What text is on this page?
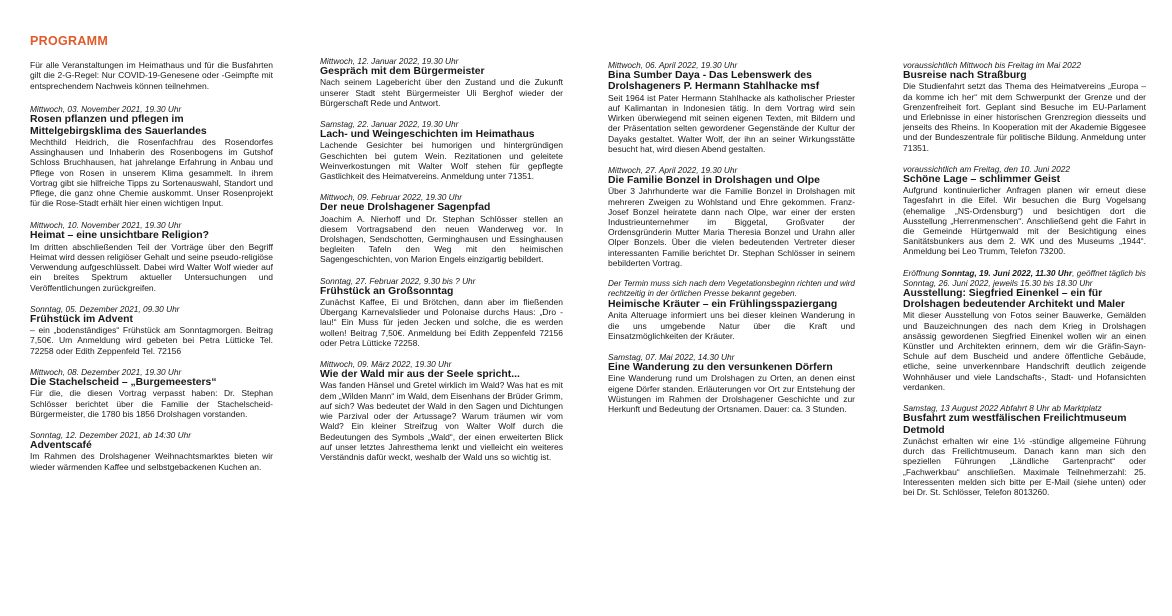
PROGRAMM
Für alle Veranstaltungen im Heimathaus und für die Busfahrten gilt die 2-G-Regel: Nur COVID-19-Genesene oder -Geimpfte mit entsprechendem Nachweis können teilnehmen.
Mittwoch, 03. November 2021, 19.30 Uhr
Rosen pflanzen und pflegen im Mittelgebirgsklima des Sauerlandes
Mechthild Heidrich, die Rosenfachfrau des Rosendorfes Assinghausen und Inhaberin des Rosenbogens im Gutshof Schloss Bruchhausen, hat jahrelange Erfahrung in Anbau und Pflege von Rosen in unserem Klima gesammelt. In ihrem Vortrag gibt sie hilfreiche Tipps zu Sortenauswahl, Standort und Pflege, die ganz ohne Chemie auskommt. Unser Rosenprojekt für die Rose-Stadt erhält hier einen wichtigen Input.
Mittwoch, 10. November 2021, 19.30 Uhr
Heimat – eine unsichtbare Religion?
Im dritten abschließenden Teil der Vorträge über den Begriff Heimat wird dessen religiöser Gehalt und seine pseudo-religiöse Verwendung aufgeschlüsselt. Dabei wird Walter Wolf wieder auf ein breites Spektrum aktueller Untersuchungen und Veröffentlichungen zurückgreifen.
Sonntag, 05. Dezember 2021, 09.30 Uhr
Frühstück im Advent
– ein „bodenständiges“ Frühstück am Sonntagmorgen. Beitrag 7,50€. Um Anmeldung wird gebeten bei Petra Lütticke Tel. 72258 oder Edith Zeppenfeld Tel. 72156
Mittwoch, 08. Dezember 2021, 19.30 Uhr
Die Stachelscheid – „Burgemeesters“
Für die, die diesen Vortrag verpasst haben: Dr. Stephan Schlösser berichtet über die Familie der Stachelscheid-Bürgermeister, die 1780 bis 1856 Drolshagen vorstanden.
Sonntag, 12. Dezember 2021, ab 14:30 Uhr
Adventscafé
Im Rahmen des Drolshagener Weihnachtsmarktes bieten wir wieder wärmenden Kaffee und selbstgebackenen Kuchen an.
Mittwoch, 12. Januar 2022, 19.30 Uhr
Gespräch mit dem Bürgermeister
Nach seinem Lagebericht über den Zustand und die Zukunft unserer Stadt steht Bürgermeister Uli Berghof wieder der Bürgerschaft Rede und Antwort.
Samstag, 22. Januar 2022, 19.30 Uhr
Lach- und Weingeschichten im Heimathaus
Lachende Gesichter bei humorigen und hintergründigen Geschichten bei gutem Wein. Rezitationen und geleitete Weinverkostungen mit Walter Wolf stehen für gepflegte Gastlichkeit des Heimatvereins. Anmeldung unter 71351.
Mittwoch, 09. Februar 2022, 19.30 Uhr
Der neue Drolshagener Sagenpfad
Joachim A. Nierhoff und Dr. Stephan Schlösser stellen an diesem Vortragsabend den neuen Wanderweg vor. In Drolshagen, Sendschotten, Germinghausen und Essinghausen begleiten Tafeln den Weg mit den heimischen Sagengeschichten, von Marion Engels einzigartig bebildert.
Sonntag, 27. Februar 2022, 9.30 bis ? Uhr
Frühstück an Großsonntag
Zunächst Kaffee, Ei und Brötchen, dann aber im fließenden Übergang Karnevalslieder und Polonaise durchs Haus: „Dro - lau!“ Ein Muss für jeden Jecken und solche, die es werden wollen! Beitrag 7,50€. Anmeldung bei Edith Zeppenfeld 72156 oder Petra Lütticke 72258.
Mittwoch, 09. März 2022, 19.30 Uhr
Wie der Wald mir aus der Seele spricht...
Was fanden Hänsel und Gretel wirklich im Wald? Was hat es mit dem „Wilden Mann“ im Wald, dem Eisenhans der Brüder Grimm, auf sich? Was bedeutet der Wald in den Sagen und Dichtungen wie Parzival oder der Artussage? Warum träumen wir vom Wald? Ein kleiner Streifzug von Walter Wolf durch die Bedeutungen des Symbols „Wald“, der einen erweiterten Blick auf unser letztes Jahresthema lenkt und vielleicht ein weiteres Verständnis dafür weckt, weshalb der Wald uns so wichtig ist.
Mittwoch, 06. April 2022, 19.30 Uhr
Bina Sumber Daya - Das Lebenswerk des Drolshageners P. Hermann Stahlhacke msf
Seit 1964 ist Pater Hermann Stahlhacke als katholischer Priester auf Kalimantan in Indonesien tätig. In dem Vortrag wird sein Wirken überwiegend mit seinen eigenen Texten, mit Bildern und der Präsentation selten gewordener Gegenstände der Kultur der Dayaks gestaltet. Walter Wolf, der ihn an seiner Wirkungsstätte besucht hat, wird diesen Abend gestalten.
Mittwoch, 27. April 2022, 19.30 Uhr
Die Familie Bonzel in Drolshagen und Olpe
Über 3 Jahrhunderte war die Familie Bonzel in Drolshagen mit mehreren Zweigen zu Wohlstand und Ehre gekommen. Franz-Josef Bonzel heiratete dann nach Olpe, war einer der ersten Industrieunternehmer im Biggetal, Großvater der Ordensgründerin Mutter Maria Theresia Bonzel und Urahn aller Olper Bonzels. Über die vielen bedeutenden Vertreter dieser interessanten Familie berichtet Dr. Stephan Schlösser in seinem bebilderten Vortrag.
Der Termin muss sich nach dem Vegetationsbeginn richten und wird rechtzeitig in der örtlichen Presse bekannt gegeben.
Heimische Kräuter – ein Frühlingsspaziergang
Anita Alteruage informiert uns bei dieser kleinen Wanderung in die uns umgebende Natur über die Kraft und Einsatzmöglichkeiten der Kräuter.
Samstag, 07. Mai 2022, 14.30 Uhr
Eine Wanderung zu den versunkenen Dörfern
Eine Wanderung rund um Drolshagen zu Orten, an denen einst eigene Dörfer standen. Erläuterungen vor Ort zur Entstehung der Wüstungen im Rahmen der Drolshagener Geschichte und zur Herkunft und Bedeutung der Ortsnamen. Dauer: ca. 3 Stunden.
voraussichtlich Mittwoch bis Freitag im Mai 2022
Busreise nach Straßburg
Die Studienfahrt setzt das Thema des Heimatvereins „Europa – da komme ich her“ mit dem Schwerpunkt der Grenze und der Grenzenfreiheit fort. Geplant sind Besuche im EU-Parlament und Erlebnisse in einer historischen Grenzregion diesseits und jenseits des Rheins. In Kooperation mit der Akademie Biggesee und der Bundeszentrale für politische Bildung. Anmeldung unter 71351.
voraussichtlich am Freitag, den 10. Juni 2022
Schöne Lage – schlimmer Geist
Aufgrund kontinuierlicher Anfragen planen wir erneut diese Tagesfahrt in die Eifel. Wir besuchen die Burg Vogelsang (ehemalige „NS-Ordensburg“) und besichtigen dort die Ausstellung „Herrenmenschen“. Anschließend geht die Fahrt in die Gemeinde Hürtgenwald mit der Besichtigung eines Sanitätsbunkers aus dem 2. WK und des Museums „1944“. Anmeldung bei Leo Trumm, Telefon 73200.
Eröffnung Sonntag, 19. Juni 2022, 11.30 Uhr, geöffnet täglich bis Sonntag, 26. Juni 2022, jeweils 15.30 bis 18.30 Uhr
Ausstellung: Siegfried Einenkel – ein für Drolshagen bedeutender Architekt und Maler
Mit dieser Ausstellung von Fotos seiner Bauwerke, Gemälden und Bauzeichnungen des nach dem Krieg in Drolshagen ansässig gewordenen Siegfried Einenkel wollen wir an einen Künstler und Architekten erinnern, dem wir die Gräfin-Sayn-Schule auf dem Buscheid und andere öffentliche Gebäude, etliche, seine unverkennbare Handschrift deutlich zeigende Wohnhäuser und viele Landschafts-, Stadt- und Hofansichten verdanken.
Samstag, 13 August 2022 Abfahrt 8 Uhr ab Marktplatz
Busfahrt zum westfälischen Freilichtmuseum Detmold
Zunächst erhalten wir eine 1½ -stündige allgemeine Führung durch das Freilichtmuseum. Danach kann man sich den speziellen Führungen „Ländliche Gartenpracht“ oder „Fachwerkbau“ anschließen. Maximale Teilnehmerzahl: 25. Interessenten melden sich bitte per E-Mail (siehe unten) oder bei Dr. St. Schlösser, Telefon 8013260.
